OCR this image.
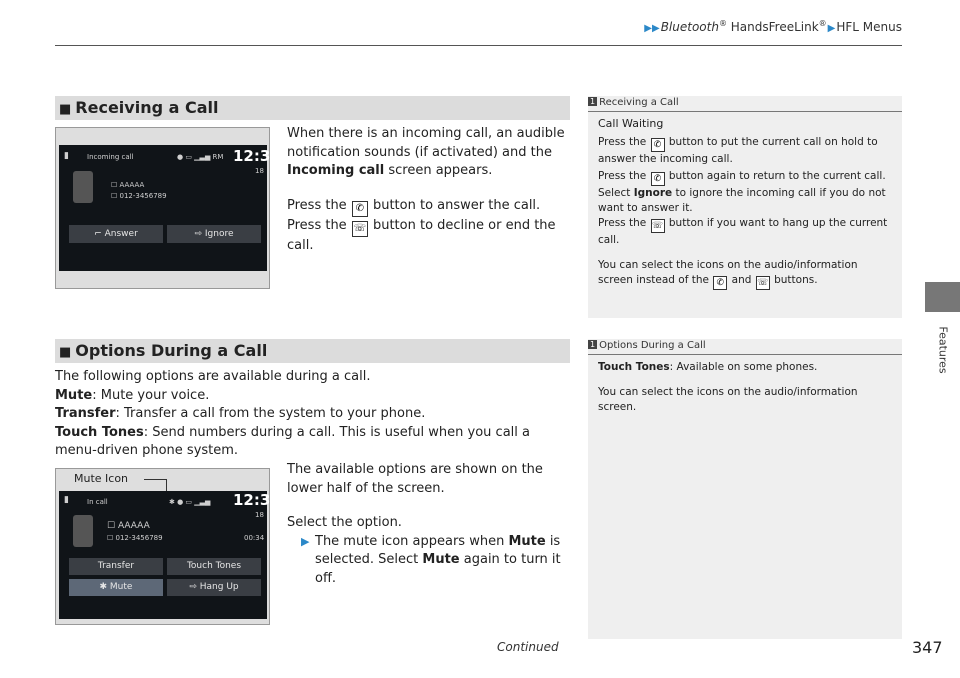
▶▶Bluetooth® HandsFreeLink®▶HFL Menus
Features
■ Receiving a Call
▮	Incoming call	● ▭ ▁▃▅ RM 12:34
18
☐ AAAAA
☐ 012-3456789
⌐ Answer	⇨ Ignore
When there is an incoming call, an audible notification sounds (if activated) and the Incoming call screen appears.
Press the ✆ button to answer the call.
Press the ☏ button to decline or end the call.
1 Receiving a Call
Call Waiting
Press the ✆ button to put the current call on hold to answer the incoming call.
Press the ✆ button again to return to the current call.
Select Ignore to ignore the incoming call if you do not want to answer it.
Press the ☏ button if you want to hang up the current call.
You can select the icons on the audio/information screen instead of the ✆ and ☏ buttons.
■ Options During a Call
The following options are available during a call.
Mute: Mute your voice.
Transfer: Transfer a call from the system to your phone.
Touch Tones: Send numbers during a call. This is useful when you call a menu-driven phone system.
Mute Icon
▮	In call	✱ ● ▭ ▁▃▅ 12:34
18
☐ AAAAA
☐ 012-3456789	00:34
Transfer	Touch Tones
✱ Mute	⇨ Hang Up
The available options are shown on the lower half of the screen.
Select the option.
▶ The mute icon appears when Mute is selected. Select Mute again to turn it off.
1 Options During a Call
Touch Tones: Available on some phones.
You can select the icons on the audio/information screen.
Continued	347
